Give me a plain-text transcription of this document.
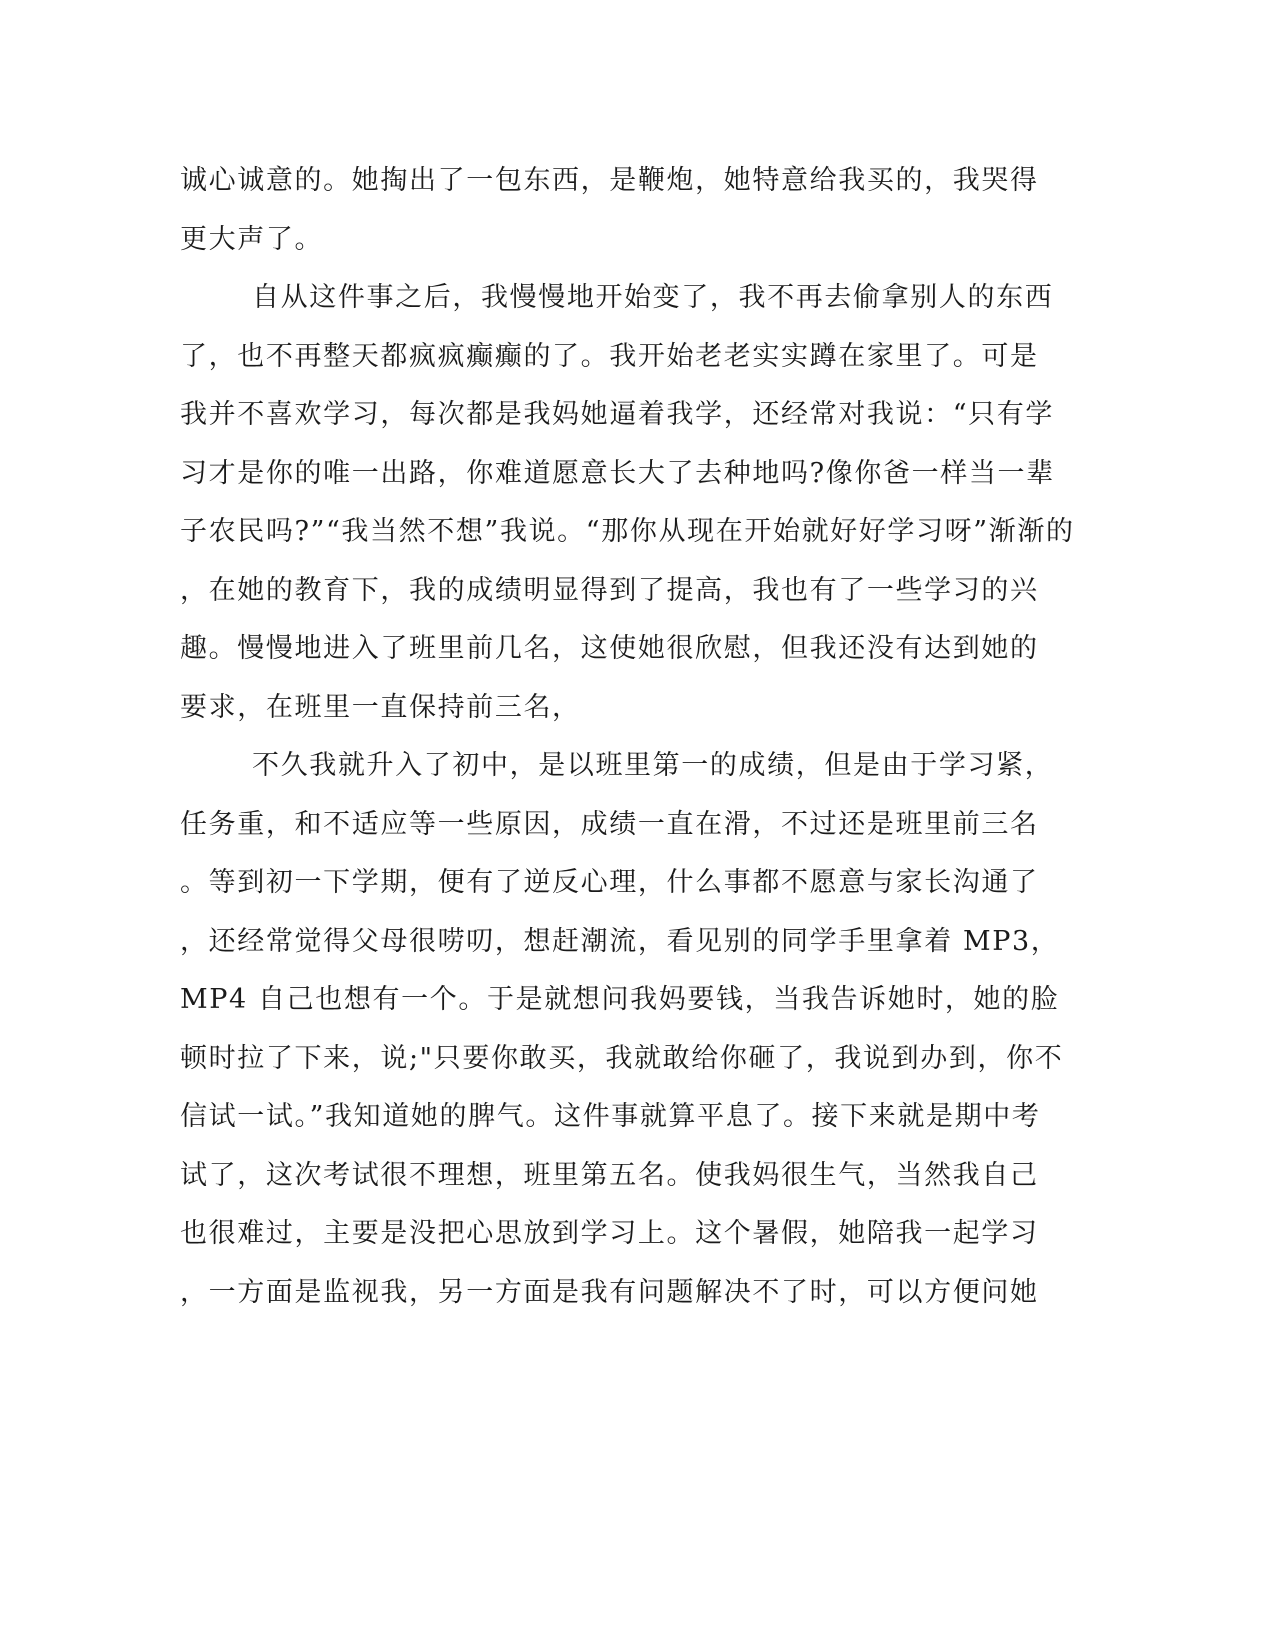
诚心诚意的。她掏出了一包东西，是鞭炮，她特意给我买的，我哭得
更大声了。
自从这件事之后，我慢慢地开始变了，我不再去偷拿别人的东西
了，也不再整天都疯疯癫癫的了。我开始老老实实蹲在家里了。可是
我并不喜欢学习，每次都是我妈她逼着我学，还经常对我说：“只有学
习才是你的唯一出路，你难道愿意长大了去种地吗?像你爸一样当一辈
子农民吗?”“我当然不想”我说。“那你从现在开始就好好学习呀”渐渐的
，在她的教育下，我的成绩明显得到了提高，我也有了一些学习的兴
趣。慢慢地进入了班里前几名，这使她很欣慰，但我还没有达到她的
要求，在班里一直保持前三名，
不久我就升入了初中，是以班里第一的成绩，但是由于学习紧，
任务重，和不适应等一些原因，成绩一直在滑，不过还是班里前三名
。等到初一下学期，便有了逆反心理，什么事都不愿意与家长沟通了
，还经常觉得父母很唠叨，想赶潮流，看见别的同学手里拿着 MP3，
MP4 自己也想有一个。于是就想问我妈要钱，当我告诉她时，她的脸
顿时拉了下来，说;"只要你敢买，我就敢给你砸了，我说到办到，你不
信试一试。”我知道她的脾气。这件事就算平息了。接下来就是期中考
试了，这次考试很不理想，班里第五名。使我妈很生气，当然我自己
也很难过，主要是没把心思放到学习上。这个暑假，她陪我一起学习
，一方面是监视我，另一方面是我有问题解决不了时，可以方便问她
